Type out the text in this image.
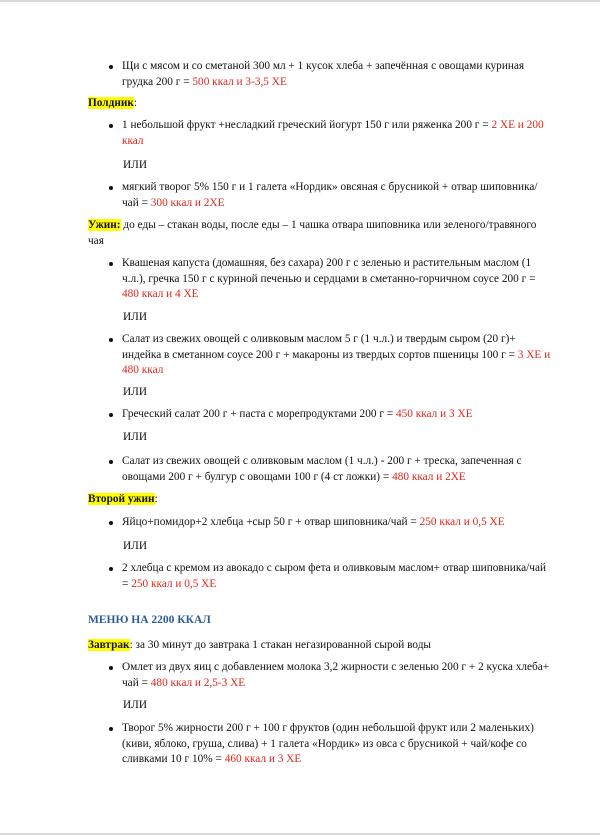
Щи с мясом и со сметаной 300 мл + 1 кусок хлеба + запечённая с овощами куриная грудка 200 г = 500 ккал и 3-3,5 ХЕ
Полдник:
1 небольшой фрукт +несладкий греческий йогурт 150 г или ряженка 200 г = 2 ХЕ и 200 ккал
ИЛИ
мягкий творог 5% 150 г и 1 галета «Нордик» овсяная с брусникой + отвар шиповника/чай = 300 ккал и 2ХЕ
Ужин: до еды – стакан воды, после еды – 1 чашка отвара шиповника или зеленого/травяного чая
Квашеная капуста (домашняя, без сахара) 200 г с зеленью и растительным маслом (1 ч.л.), гречка 150 г с куриной печенью и сердцами в сметанно-горчичном соусе 200 г = 480 ккал и 4 ХЕ
ИЛИ
Салат из свежих овощей с оливковым маслом 5 г (1 ч.л.) и твердым сыром (20 г)+ индейка в сметанном соусе 200 г + макароны из твердых сортов пшеницы 100 г = 3 ХЕ и 480 ккал
ИЛИ
Греческий салат 200 г + паста с морепродуктами 200 г = 450 ккал и 3 ХЕ
ИЛИ
Салат из свежих овощей с оливковым маслом (1 ч.л.) - 200 г + треска, запеченная с овощами 200 г + булгур с овощами 100 г (4 ст ложки) = 480 ккал и 2ХЕ
Второй ужин:
Яйцо+помидор+2 хлебца +сыр 50 г + отвар шиповника/чай = 250 ккал и 0,5 ХЕ
ИЛИ
2 хлебца с кремом из авокадо с сыром фета и оливковым маслом+ отвар шиповника/чай = 250 ккал и 0,5 ХЕ
МЕНЮ НА 2200 ККАЛ
Завтрак: за 30 минут до завтрака 1 стакан негазированной сырой воды
Омлет из двух яиц с добавлением молока 3,2 жирности с зеленью 200 г + 2 куска хлеба+ чай = 480 ккал и 2,5-3 ХЕ
ИЛИ
Творог 5% жирности 200 г + 100 г фруктов (один небольшой фрукт или 2 маленьких) (киви, яблоко, груша, слива) + 1 галета «Нордик» из овса с брусникой + чай/кофе со сливками 10 г 10% = 460 ккал и 3 ХЕ
